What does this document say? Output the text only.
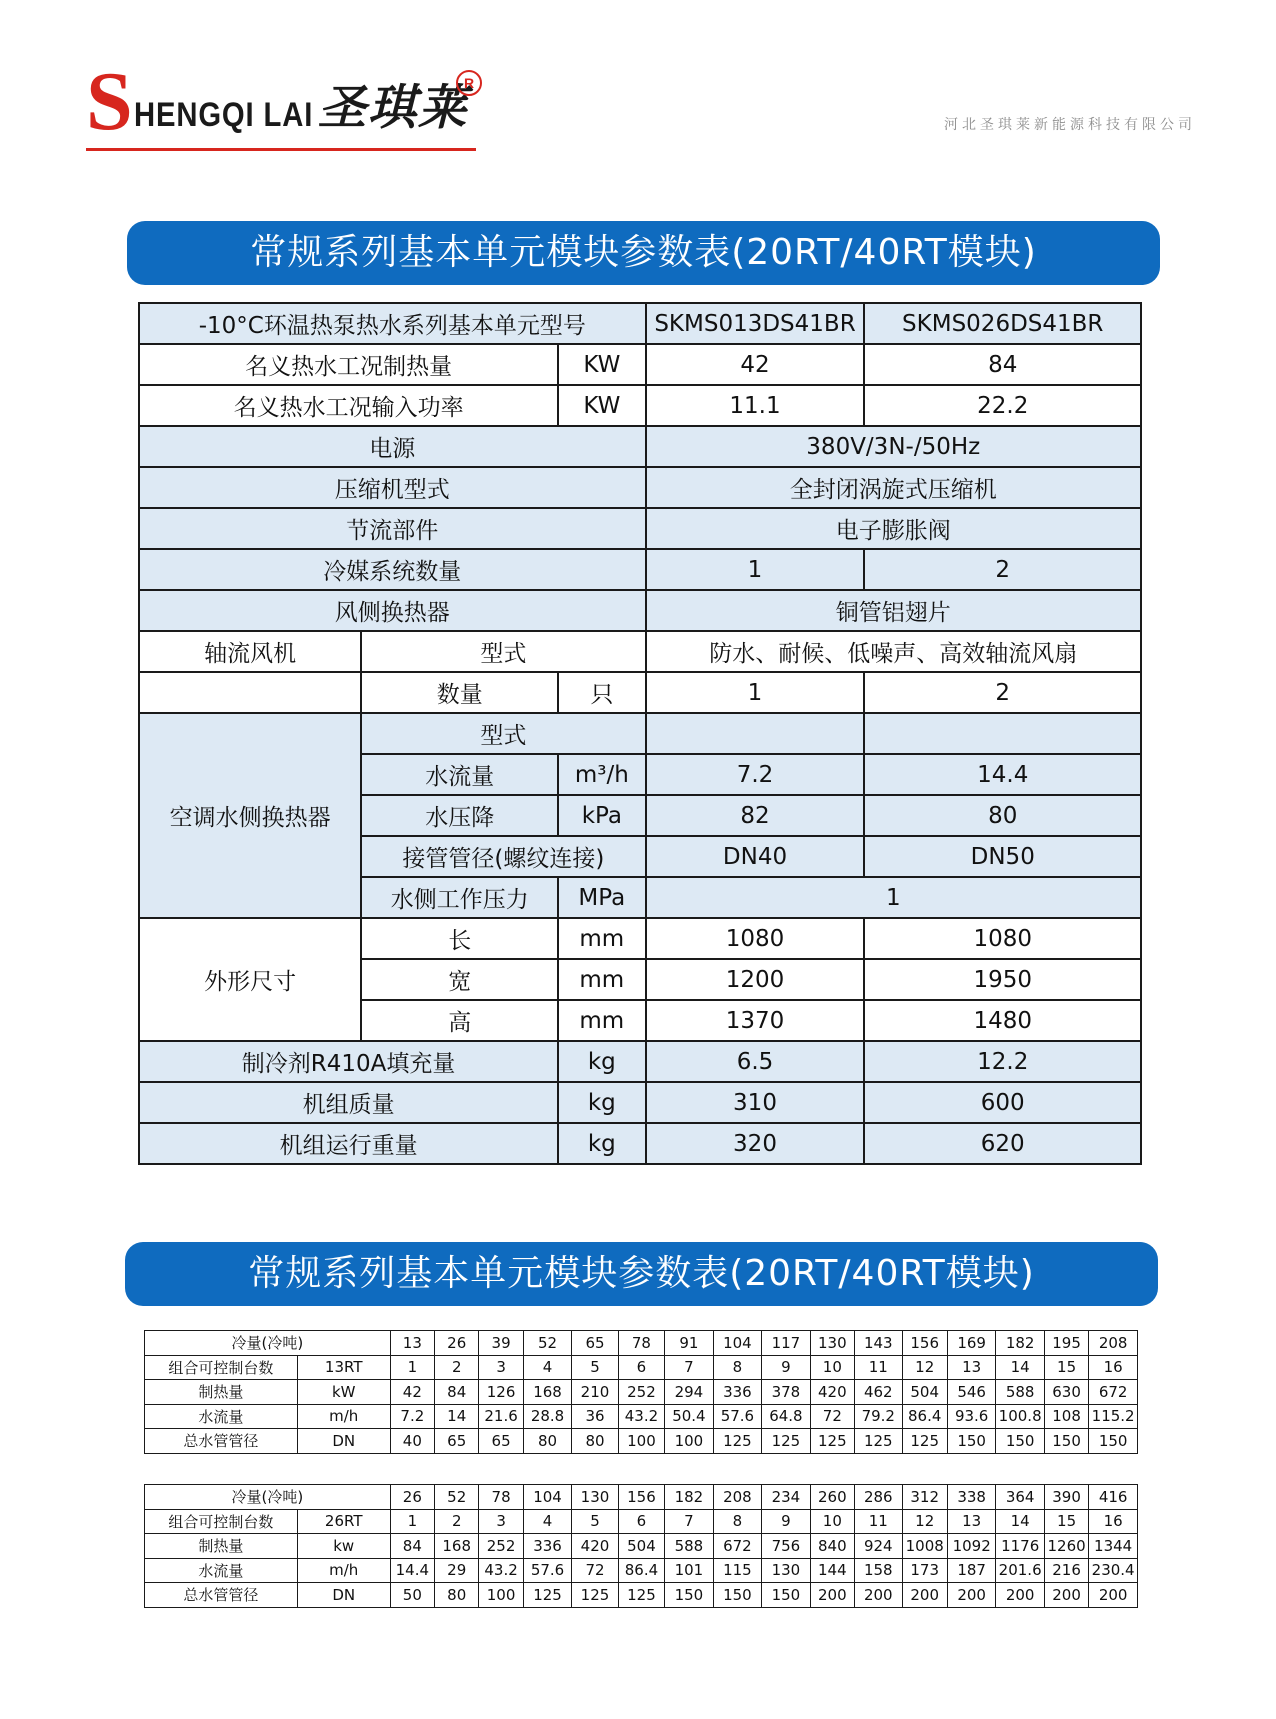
S HENGQI LAI 圣琪莱
R
河北圣琪莱新能源科技有限公司
常规系列基本单元模块参数表(20RT/40RT模块)
-10°C环温热泵热水系列基本单元型号			SKMS013DS41BR	SKMS026DS41BR
名义热水工况制热量		KW	42	84
名义热水工况输入功率		KW	11.1	22.2
电源			380V/3N-/50Hz	
压缩机型式			全封闭涡旋式压缩机	
节流部件			电子膨胀阀	
冷媒系统数量			1	2
风侧换热器			铜管铝翅片	
轴流风机	型式		防水、耐候、低噪声、高效轴流风扇	
	数量	只	1	2
空调水侧换热器	型式			
	水流量	m³/h	7.2	14.4
	水压降	kPa	82	80
	接管管径(螺纹连接)		DN40	DN50
	水侧工作压力	MPa	1	
外形尺寸	长	mm	1080	1080
	宽	mm	1200	1950
	高	mm	1370	1480
制冷剂R410A填充量		kg	6.5	12.2
机组质量		kg	310	600
机组运行重量		kg	320	620
常规系列基本单元模块参数表(20RT/40RT模块)
冷量(冷吨)		13	26	39	52	65	78	91	104	117	130	143	156	169	182	195	208
组合可控制台数	13RT	1	2	3	4	5	6	7	8	9	10	11	12	13	14	15	16
制热量	kW	42	84	126	168	210	252	294	336	378	420	462	504	546	588	630	672
水流量	m/h	7.2	14	21.6	28.8	36	43.2	50.4	57.6	64.8	72	79.2	86.4	93.6	100.8	108	115.2
总水管管径	DN	40	65	65	80	80	100	100	125	125	125	125	125	150	150	150	150
冷量(冷吨)		26	52	78	104	130	156	182	208	234	260	286	312	338	364	390	416
组合可控制台数	26RT	1	2	3	4	5	6	7	8	9	10	11	12	13	14	15	16
制热量	kw	84	168	252	336	420	504	588	672	756	840	924	1008	1092	1176	1260	1344
水流量	m/h	14.4	29	43.2	57.6	72	86.4	101	115	130	144	158	173	187	201.6	216	230.4
总水管管径	DN	50	80	100	125	125	125	150	150	150	200	200	200	200	200	200	200
